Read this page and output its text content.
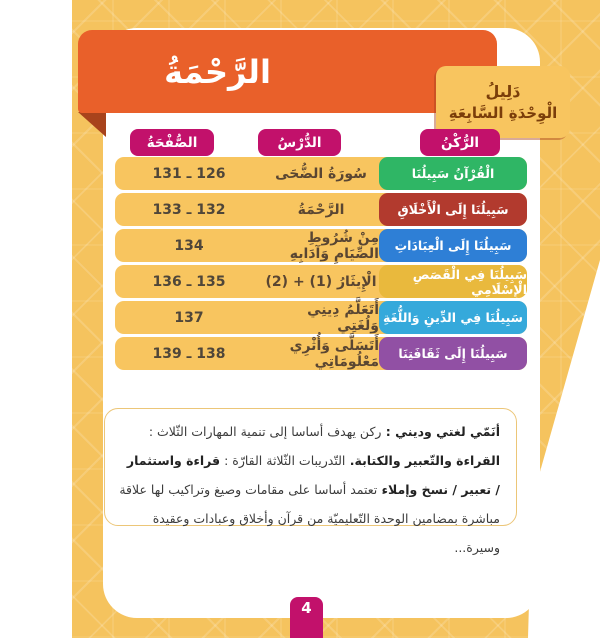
الرَّحْمَةُ
دَلِيلُ
الْوِحْدَةِ السَّابِعَةِ
الصُّفْحَةُ	الدُّرْسُ	الرُّكْنُ
الْقُرْآنُ سَبِيلُنَا
سُورَةُ الضُّحَى
126 ـ 131
سَبِيلُنَا إِلَى الْأَخْلَاقِ
الرَّحْمَةُ
132 ـ 133
سَبِيلُنَا إِلَى الْعِبَادَاتِ
مِنْ شُرُوطِ الصِّيَامِ وَآدَابِهِ
134
سَبِيلُنَا فِي الْقَصَصِ الْإِسْلَامِي
الْإِيثَارُ (1) + (2)
135 ـ 136
سَبِيلُنَا فِي الدِّينِ وَاللُّغَةِ
أَتَعَلَّمُ دِينِي وَلُغَتِي
137
سَبِيلُنَا إِلَى ثَقَافَتِنَا
أَتَسَلَّى وَأُثْرِي مَعْلُومَاتِي
138 ـ 139
أنَمّي لغتي وديني : ركن يهدف أساسا إلى تنمية المهارات الثّلاث : القراءة والتّعبير والكتابة. التّدريبات الثّلاثة القارّة : قراءة واستثمار / تعبير / نسخ وإملاء تعتمد أساسا على مقامات وصيغ وتراكيب لها علاقة مباشرة بمضامين الوحدة التّعليميّة من قرآن وأخلاق وعبادات وعقيدة وسيرة...
4
